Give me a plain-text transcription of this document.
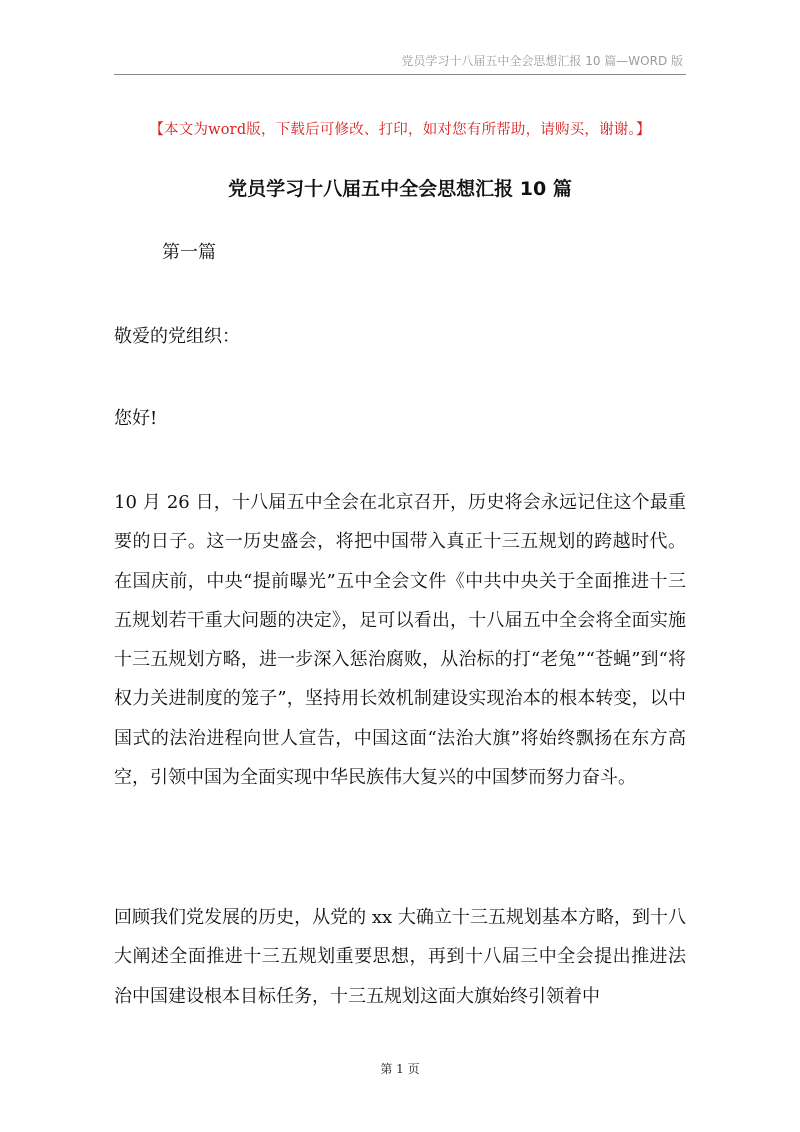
党员学习十八届五中全会思想汇报 10 篇—WORD 版
【本文为word版，下载后可修改、打印，如对您有所帮助，请购买，谢谢。】
党员学习十八届五中全会思想汇报 10 篇
第一篇
敬爱的党组织：
您好!
10 月 26 日，十八届五中全会在北京召开，历史将会永远记住这个最重要的日子。这一历史盛会，将把中国带入真正十三五规划的跨越时代。在国庆前，中央“提前曝光”五中全会文件《中共中央关于全面推进十三五规划若干重大问题的决定》，足可以看出，十八届五中全会将全面实施十三五规划方略，进一步深入惩治腐败，从治标的打“老兔”“苍蝇”到“将权力关进制度的笼子”，坚持用长效机制建设实现治本的根本转变，以中国式的法治进程向世人宣告，中国这面“法治大旗”将始终飘扬在东方高空，引领中国为全面实现中华民族伟大复兴的中国梦而努力奋斗。
回顾我们党发展的历史，从党的 xx 大确立十三五规划基本方略，到十八大阐述全面推进十三五规划重要思想，再到十八届三中全会提出推进法治中国建设根本目标任务，十三五规划这面大旗始终引领着中
第 1 页
